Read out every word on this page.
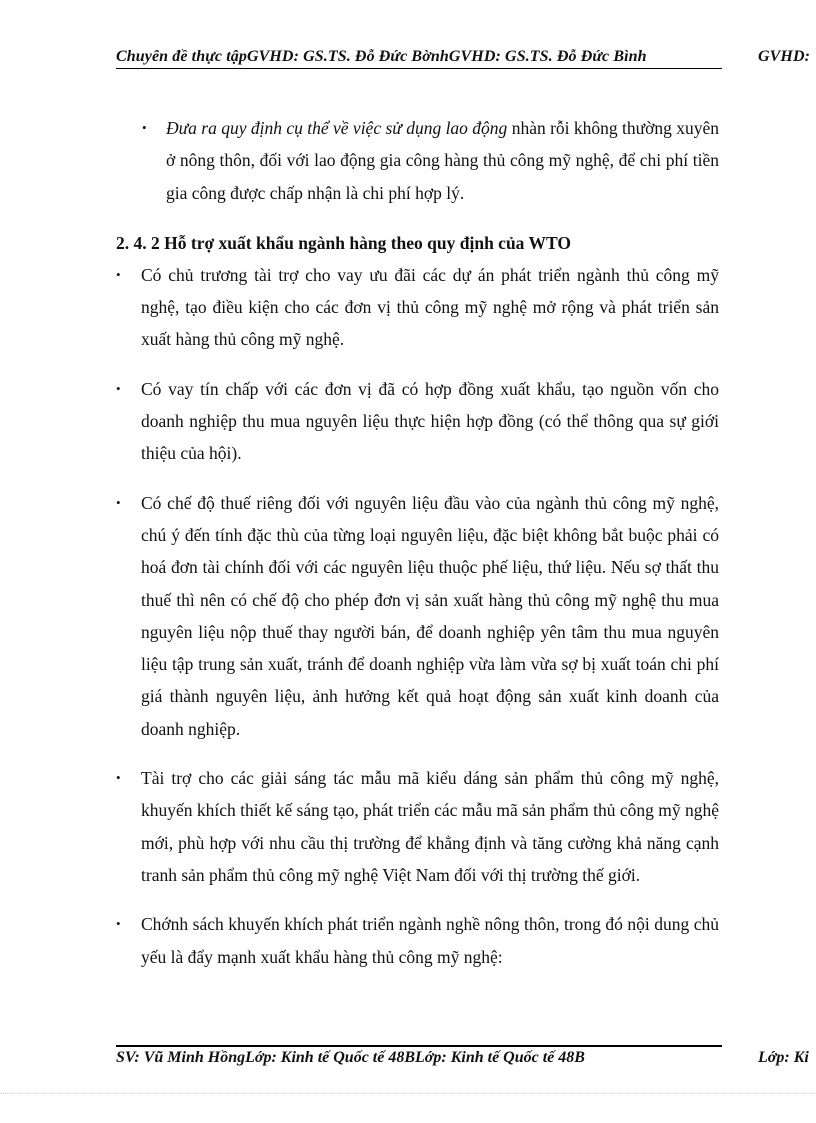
Chuyên đề thực tậpGVHD: GS.TS. Đỗ Đức BờnhGVHD: GS.TS. Đỗ Đức Bình	GVHD:
• Đưa ra quy định cụ thể về việc sử dụng lao động nhàn rỗi không thường xuyên ở nông thôn, đối với lao động gia công hàng thủ công mỹ nghệ, để chi phí tiền gia công được chấp nhận là chi phí hợp lý.
2. 4. 2 Hỗ trợ xuất khẩu ngành hàng theo quy định của WTO
• Có chủ trương tài trợ cho vay ưu đãi các dự án phát triển ngành thủ công mỹ nghệ, tạo điều kiện cho các đơn vị thủ công mỹ nghệ mở rộng và phát triển sản xuất hàng thủ công mỹ nghệ.
• Có vay tín chấp với các đơn vị đã có hợp đồng xuất khẩu, tạo nguồn vốn cho doanh nghiệp thu mua nguyên liệu thực hiện hợp đồng (có thể thông qua sự giới thiệu của hội).
• Có chế độ thuế riêng đối với nguyên liệu đầu vào của ngành thủ công mỹ nghệ, chú ý đến tính đặc thù của từng loại nguyên liệu, đặc biệt không bắt buộc phải có hoá đơn tài chính đối với các nguyên liệu thuộc phế liệu, thứ liệu. Nếu sợ thất thu thuế thì nên có chế độ cho phép đơn vị sản xuất hàng thủ công mỹ nghệ thu mua nguyên liệu nộp thuế thay người bán, để doanh nghiệp yên tâm thu mua nguyên liệu tập trung sản xuất, tránh để doanh nghiệp vừa làm vừa sợ bị xuất toán chi phí giá thành nguyên liệu, ảnh hưởng kết quả hoạt động sản xuất kinh doanh của doanh nghiệp.
• Tài trợ cho các giải sáng tác mẫu mã kiểu dáng sản phẩm thủ công mỹ nghệ, khuyến khích thiết kế sáng tạo, phát triển các mẫu mã sản phẩm thủ công mỹ nghệ mới, phù hợp với nhu cầu thị trường để khẳng định và tăng cường khả năng cạnh tranh sản phẩm thủ công mỹ nghệ Việt Nam đối với thị trường thế giới.
• Chớnh sách khuyến khích phát triển ngành nghề nông thôn, trong đó nội dung chủ yếu là đẩy mạnh xuất khẩu hàng thủ công mỹ nghệ:
SV: Vũ Minh HồngLớp: Kinh tế Quốc tế 48BLớp: Kinh tế Quốc tế 48B	Lớp: Ki
